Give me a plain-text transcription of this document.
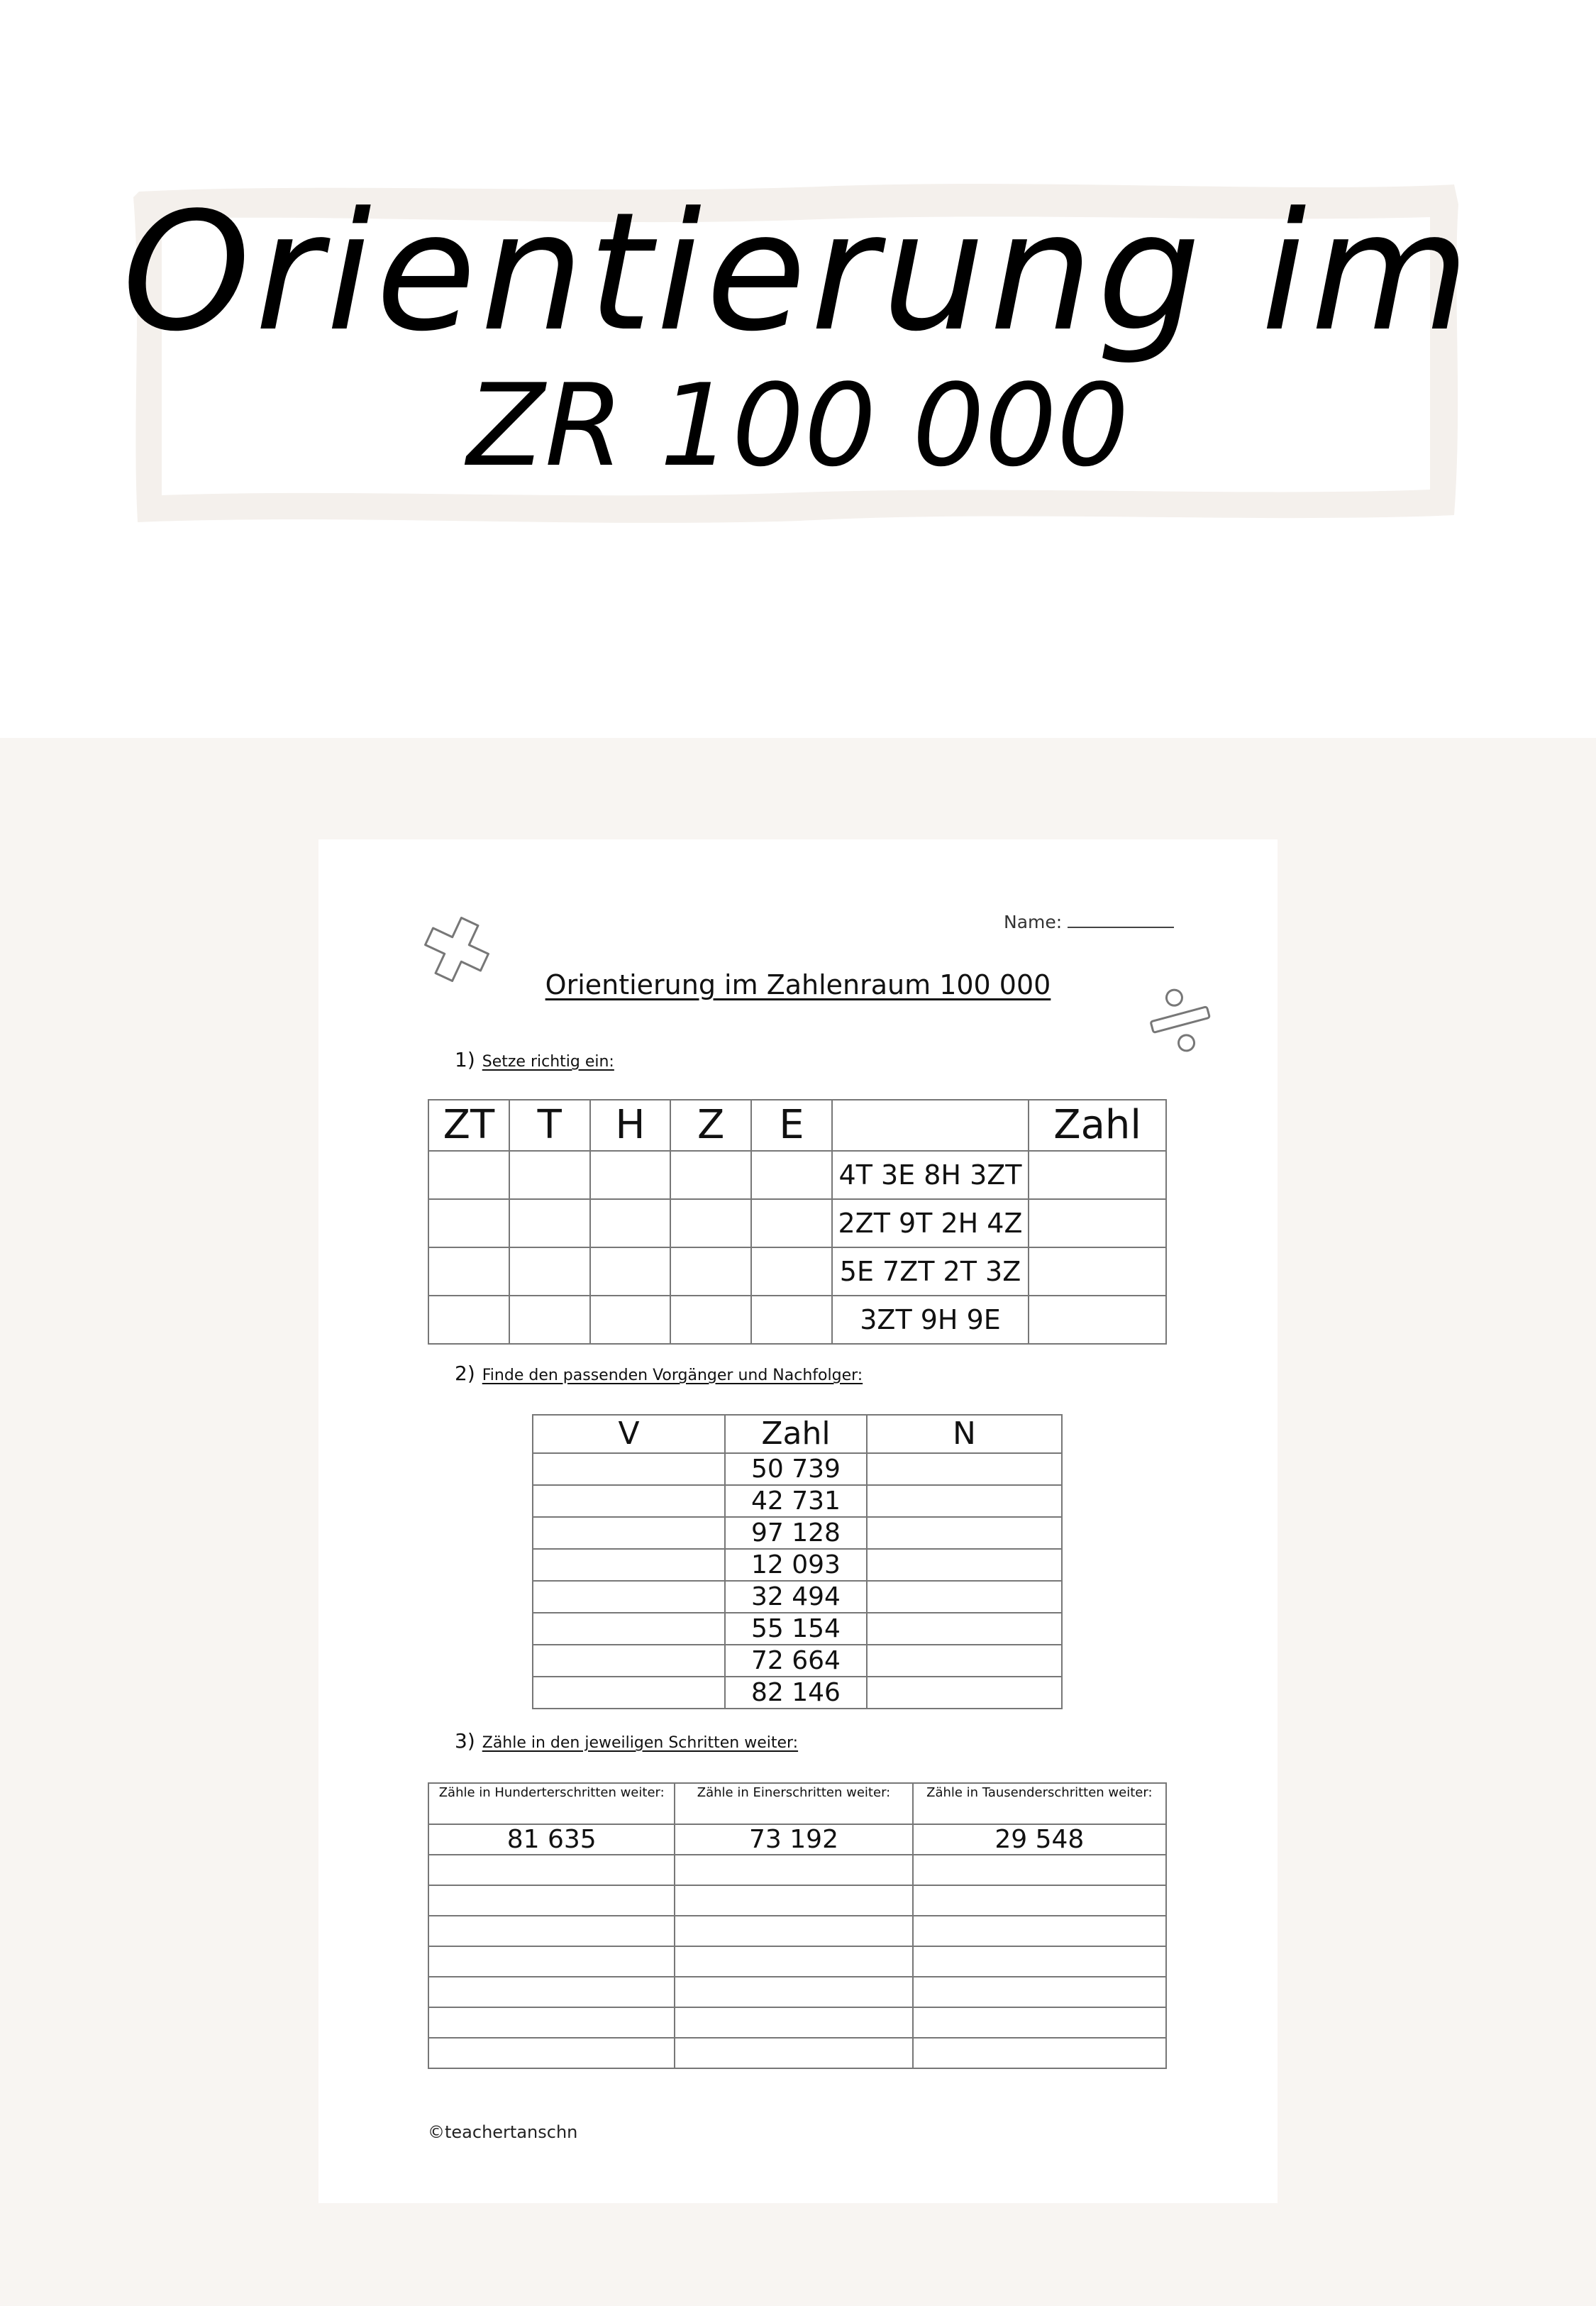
Orientierung im
ZR 100 000
Name:
Orientierung im Zahlenraum 100 000
1) Setze richtig ein:
ZT	T	H	Z	E		Zahl
					4T 3E 8H 3ZT	
					2ZT 9T 2H 4Z	
					5E 7ZT 2T 3Z	
					3ZT 9H 9E	
2) Finde den passenden Vorgänger und Nachfolger:
V	Zahl	N
	50 739	
	42 731	
	97 128	
	12 093	
	32 494	
	55 154	
	72 664	
	82 146	
3) Zähle in den jeweiligen Schritten weiter:
Zähle in Hunderterschritten weiter:	Zähle in Einerschritten weiter:	Zähle in Tausenderschritten weiter:
81 635	73 192	29 548

©teachertanschn
